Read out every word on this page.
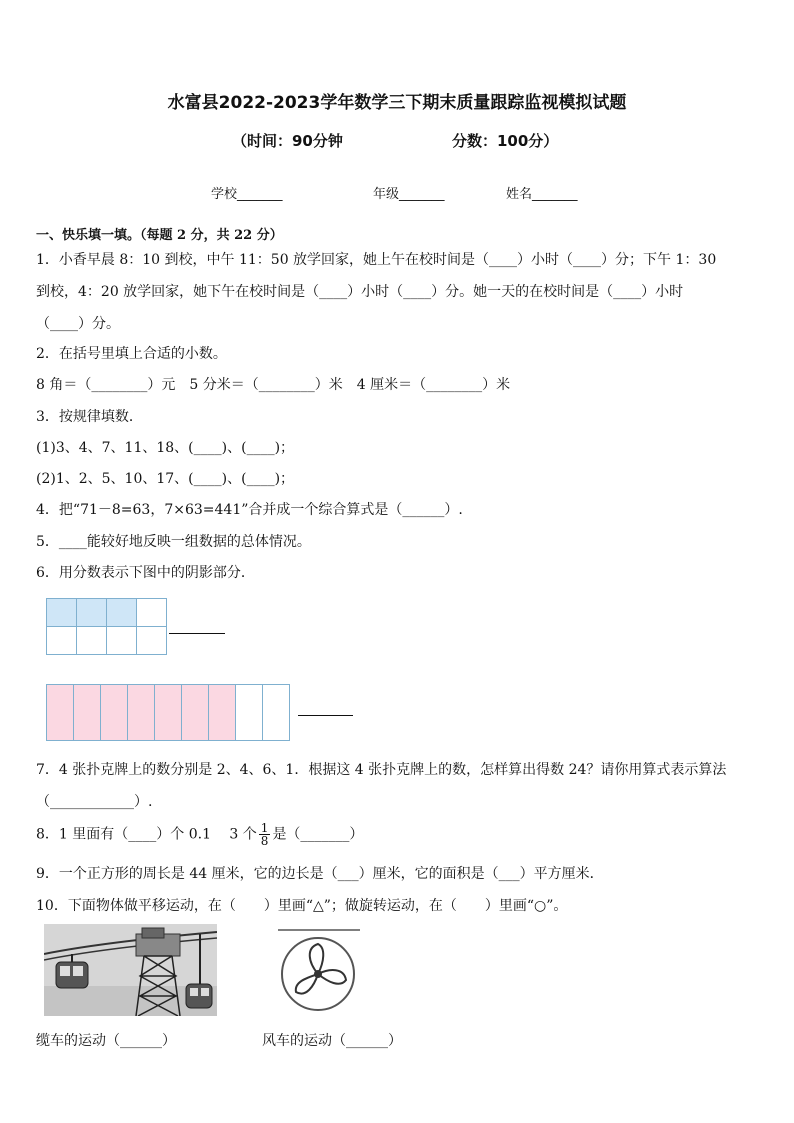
水富县2022-2023学年数学三下期末质量跟踪监视模拟试题
（时间：90分钟	分数：100分）
学校_______	年级_______	姓名_______
一、快乐填一填。（每题 2 分，共 22 分）
1．小香早晨 8：10 到校，中午 11：50 放学回家，她上午在校时间是（____）小时（____）分；下午 1：30
到校，4：20 放学回家，她下午在校时间是（____）小时（____）分。她一天的在校时间是（____）小时
（____）分。
2．在括号里填上合适的小数。
8 角＝（________）元　5 分米＝（________）米　4 厘米＝（________）米
3．按规律填数．
(1)3、4、7、11、18、(____)、(____)；
(2)1、2、5、10、17、(____)、(____)；
4．把“71－8=63，7×63=441”合并成一个综合算式是（______）.
5．____能较好地反映一组数据的总体情况。
6．用分数表示下图中的阴影部分．

7．4 张扑克牌上的数分别是 2、4、6、1．根据这 4 张扑克牌上的数，怎样算出得数 24？请你用算式表示算法
（____________）.
8．1 里面有（____）个 0.1　 3 个 $\frac{1}{8}$ 是（_______）
9．一个正方形的周长是 44 厘米，它的边长是（___）厘米，它的面积是（___）平方厘米．
10．下面物体做平移运动，在（　　）里画“△”；做旋转运动，在（　　）里画“○”。
缆车的运动（______）	风车的运动（______）
